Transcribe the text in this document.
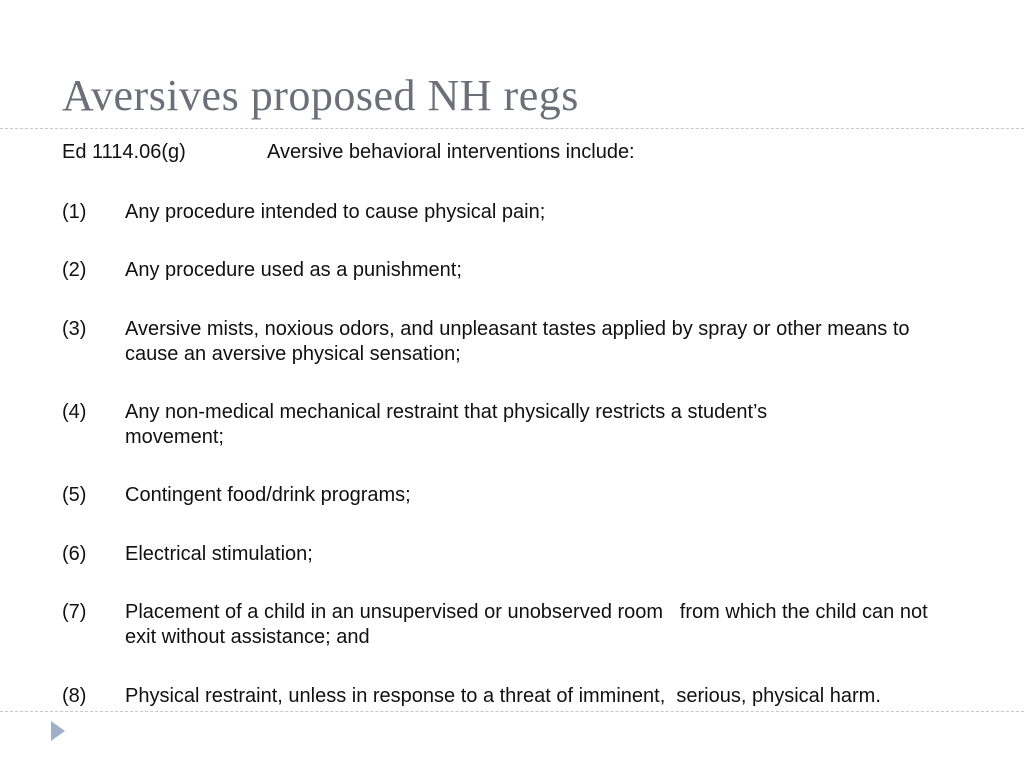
Aversives proposed NH regs
Ed 1114.06(g)	Aversive behavioral interventions include:
(1) Any procedure intended to cause physical pain;
(2) Any procedure used as a punishment;
(3) Aversive mists, noxious odors, and unpleasant tastes applied by spray or other means to cause an aversive physical sensation;
(4) Any non-medical mechanical restraint that physically restricts a student’s movement;
(5) Contingent food/drink programs;
(6) Electrical stimulation;
(7) Placement of a child in an unsupervised or unobserved room   from which the child can not exit without assistance; and
(8) Physical restraint, unless in response to a threat of imminent,  serious, physical harm.
